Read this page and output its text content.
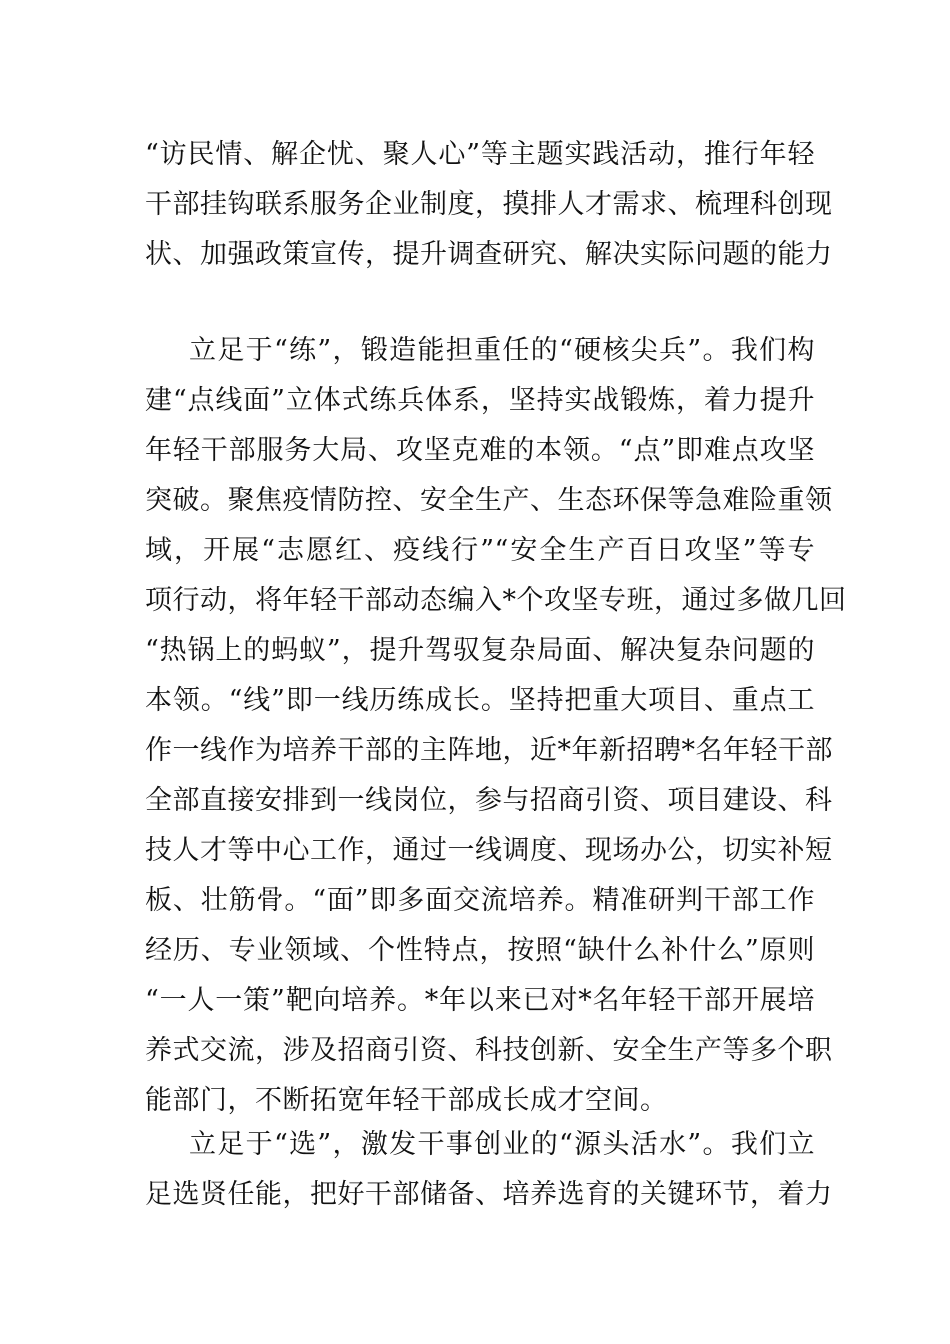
“访民情、解企忧、聚人心”等主题实践活动，推行年轻
干部挂钩联系服务企业制度，摸排人才需求、梳理科创现
状、加强政策宣传，提升调查研究、解决实际问题的能力
立足于“练”，锻造能担重任的“硬核尖兵”。我们构
建“点线面”立体式练兵体系，坚持实战锻炼，着力提升
年轻干部服务大局、攻坚克难的本领。“点”即难点攻坚
突破。聚焦疫情防控、安全生产、生态环保等急难险重领
域，开展“志愿红、疫线行”“安全生产百日攻坚”等专
项行动，将年轻干部动态编入*个攻坚专班，通过多做几回
“热锅上的蚂蚁”，提升驾驭复杂局面、解决复杂问题的
本领。“线”即一线历练成长。坚持把重大项目、重点工
作一线作为培养干部的主阵地，近*年新招聘*名年轻干部
全部直接安排到一线岗位，参与招商引资、项目建设、科
技人才等中心工作，通过一线调度、现场办公，切实补短
板、壮筋骨。“面”即多面交流培养。精准研判干部工作
经历、专业领域、个性特点，按照“缺什么补什么”原则
“一人一策”靶向培养。*年以来已对*名年轻干部开展培
养式交流，涉及招商引资、科技创新、安全生产等多个职
能部门，不断拓宽年轻干部成长成才空间。
立足于“选”，激发干事创业的“源头活水”。我们立
足选贤任能，把好干部储备、培养选育的关键环节，着力
